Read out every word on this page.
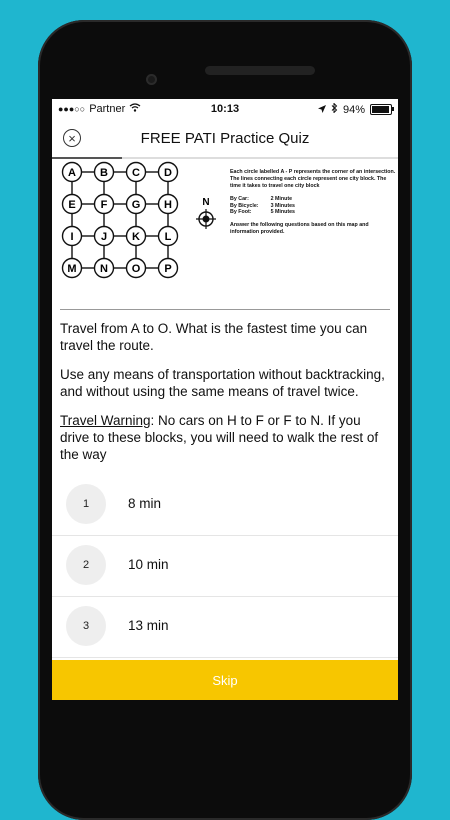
●●●○○ Partner	10:13	94%
×	FREE PATI Practice Quiz
A B C D
E F G H
I J K L
M N O P
N

Each circle labelled A - P represents the corner of an intersection. The lines connecting each circle represent one city block. The time it takes to travel one city block

By Car:	2 Minute
By Bicycle:	3 Minutes
By Foot:	5 Minutes

Answer the following questions based on this map and information provided.

Travel from A to O. What is the fastest time you can travel the route.

Use any means of transportation without backtracking, and without using the same means of travel twice.

Travel Warning: No cars on H to F or F to N. If you drive to these blocks, you will need to walk the rest of the way

1	8 min
2	10 min
3	13 min
Skip
